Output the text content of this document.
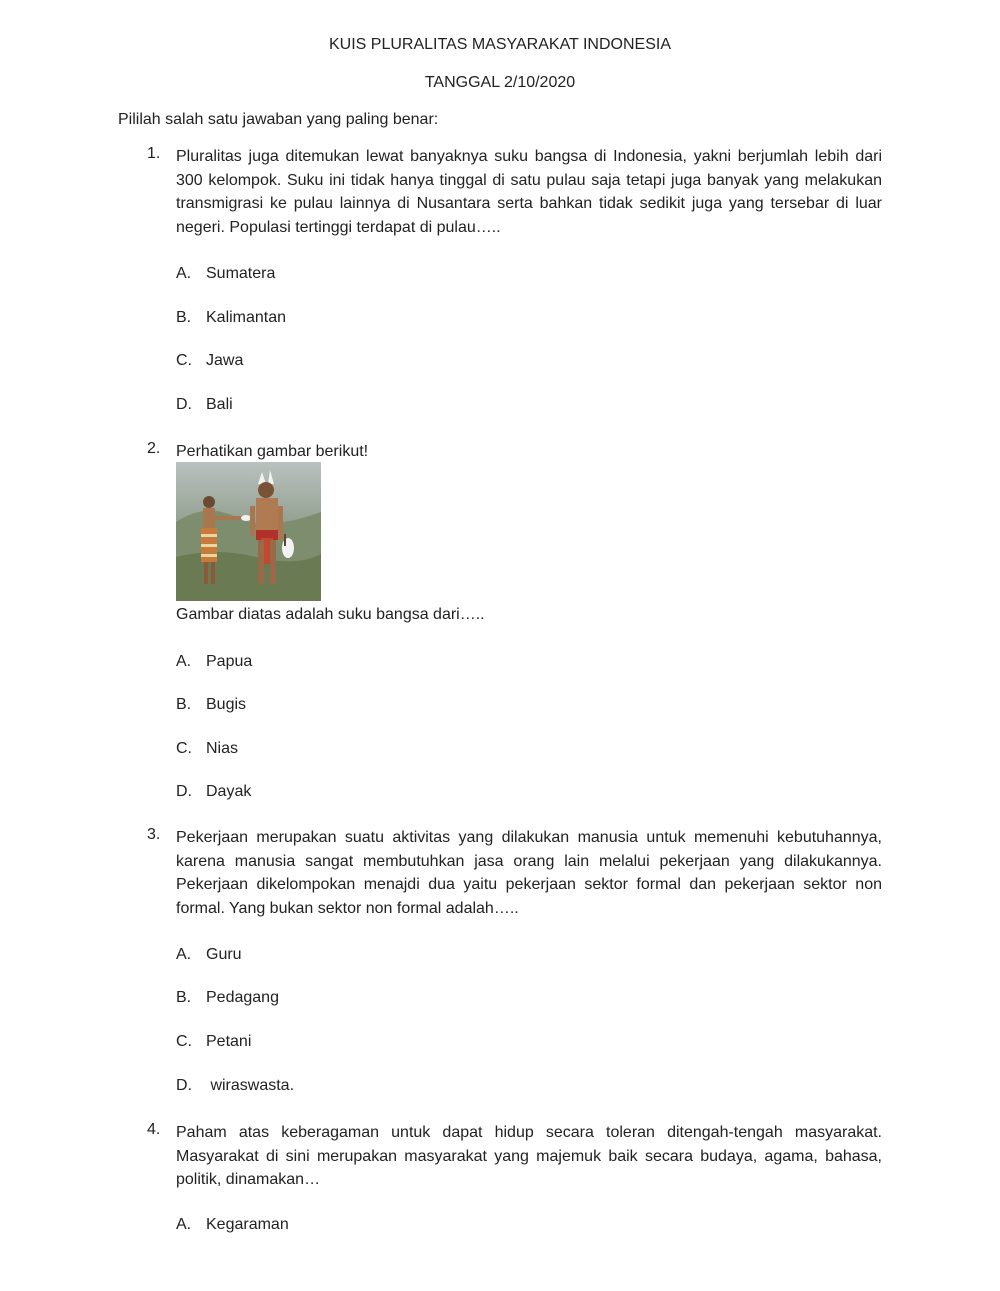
KUIS PLURALITAS MASYARAKAT INDONESIA
TANGGAL 2/10/2020
Pililah salah satu jawaban yang paling benar:
1. Pluralitas juga ditemukan lewat banyaknya suku bangsa di Indonesia, yakni berjumlah lebih dari 300 kelompok. Suku ini tidak hanya tinggal di satu pulau saja tetapi juga banyak yang melakukan transmigrasi ke pulau lainnya di Nusantara serta bahkan tidak sedikit juga yang tersebar di luar negeri. Populasi tertinggi terdapat di pulau…..
A. Sumatera
B. Kalimantan
C. Jawa
D. Bali
2. Perhatikan gambar berikut!
Gambar diatas adalah suku bangsa dari…..
A. Papua
B. Bugis
C. Nias
D. Dayak
3. Pekerjaan merupakan suatu aktivitas yang dilakukan manusia untuk memenuhi kebutuhannya, karena manusia sangat membutuhkan jasa orang lain melalui pekerjaan yang dilakukannya. Pekerjaan dikelompokan menajdi dua yaitu pekerjaan sektor formal dan pekerjaan sektor non formal. Yang bukan sektor non formal adalah…..
A. Guru
B. Pedagang
C. Petani
D. wiraswasta.
4. Paham atas keberagaman untuk dapat hidup secara toleran ditengah-tengah masyarakat. Masyarakat di sini merupakan masyarakat yang majemuk baik secara budaya, agama, bahasa, politik, dinamakan…
A. Kegaraman
